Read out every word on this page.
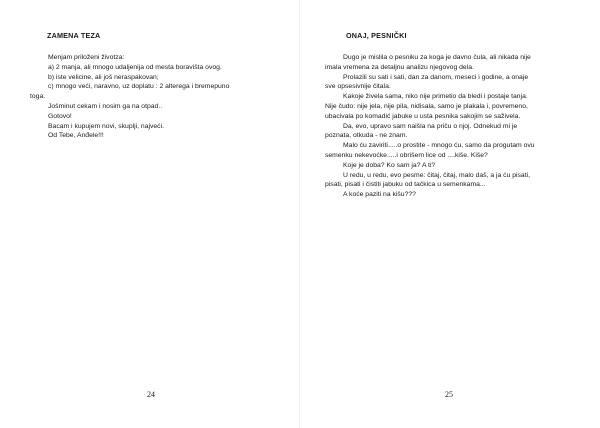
ZAMENA TEZA
Menjam priloženi životza:
a) 2 manja, ali mnogo udaljenija od mesta boravišta ovog.
b) iste velicine, ali još neraspakovan;
c) mnogo veći, naravno, uz doplatu : 2 alterega i bremepuno
toga.
Jošminut cekam i nosim ga na otpad..
Gotovo!
Bacam i kupujem novi, skuplji, najveći.
Od Tebe, Anđele!!!
24
ONAJ, PESNIČKI
Dugo je mislila o pesniku za koga je davno čula, ali nikada nije
imala vremena za detaljnu analizu njegovog dela.
Prolazili su sati i sati, dan za danom, meseci i godine, a onaje
sve opsesivnije čitala.
Kakoje živela sama, niko nije primetio da bledi i postaje tanja.
Nije čudo: nije jela, nije pila, nidisala, samo je plakala i, povremeno,
ubacivala po komadić jabuke u usta pesnika sakojim se saživela.
Da, evo, upravo sam naišla na priču o njoj. Odnekud mi je
poznata, otkuda - ne znam.
Malo ću zaviriti.....o prostite - mnogo ću, samo da progutam ovu
semenku nekevoćke.....i obrišem lice od ....kiše. Kiše?
Koje je doba? Ko sam ja? A ti?
U redu, u redu, evo pesme: čitaj, čitaj, malo daš, a ja ću pisati,
pisati, pisati i čistiti jabuku od tačkica u semenkama...
A koće paziti na kišu???
25
